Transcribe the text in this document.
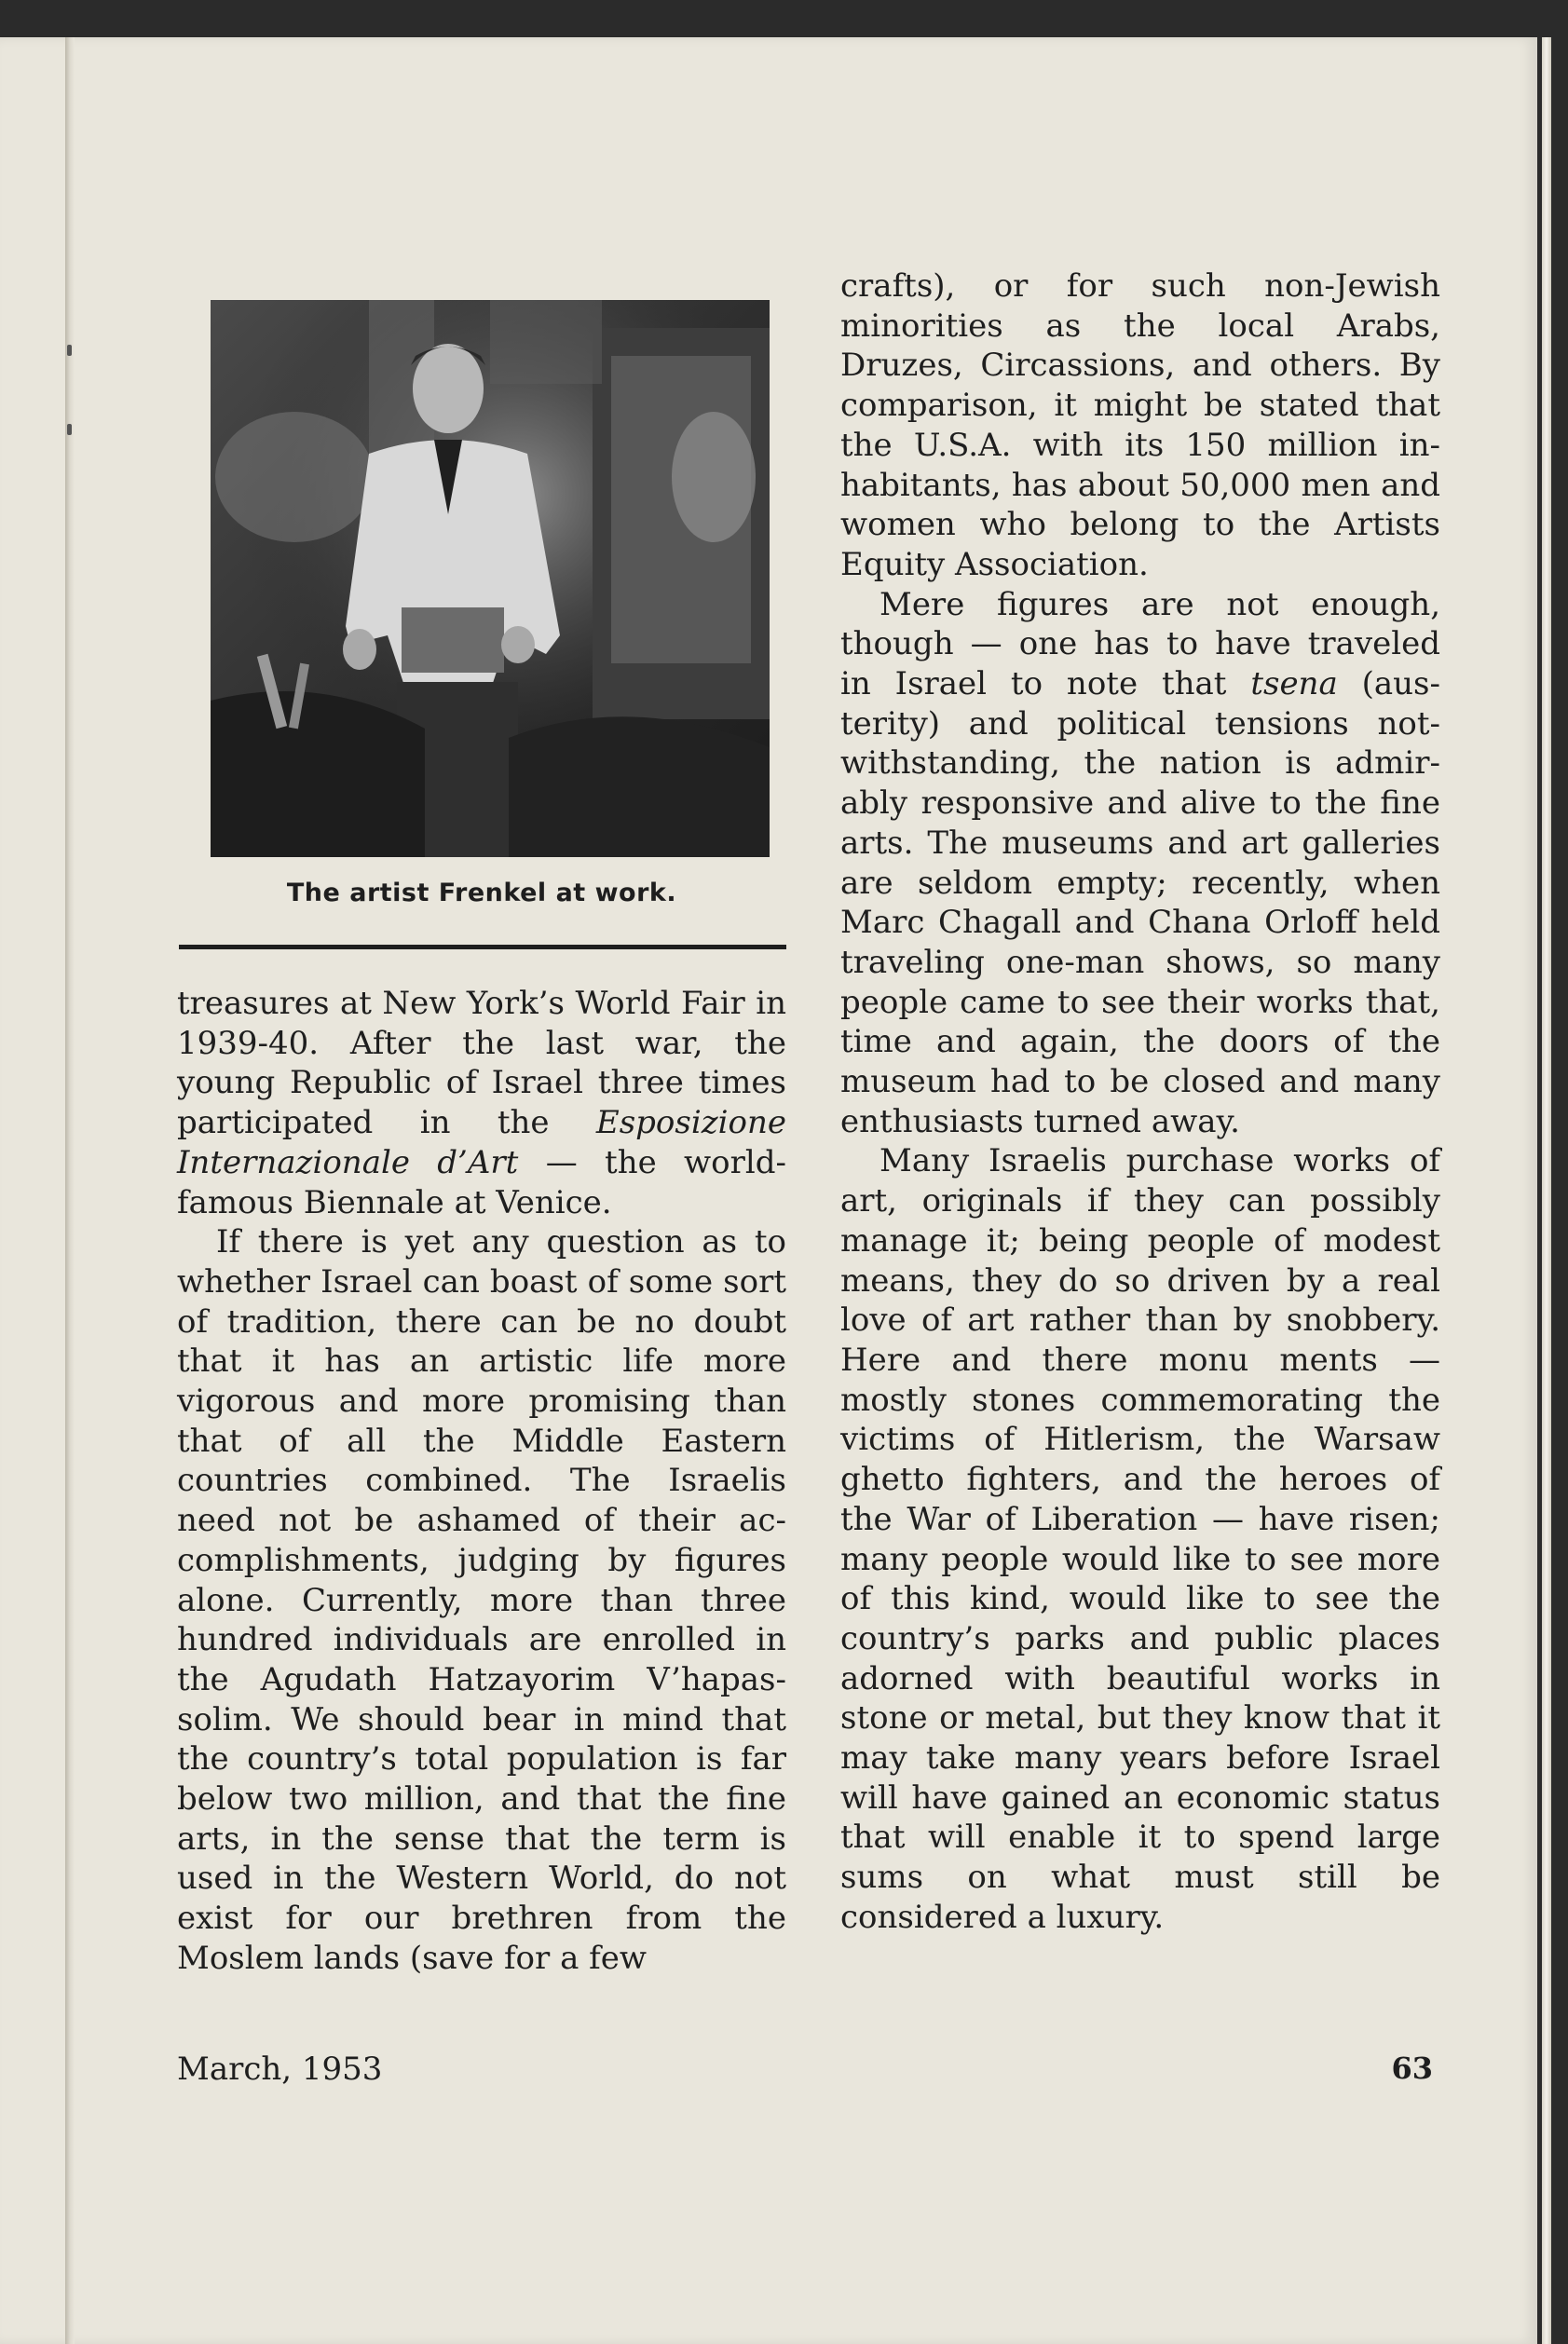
The artist Frenkel at work.

treasures at New York’s World Fair in 1939-40. After the last war, the young Republic of Israel three times participated in the Esposizione Internazionale d’Art — the world-famous Biennale at Venice.

If there is yet any question as to whether Israel can boast of some sort of tradition, there can be no doubt that it has an artistic life more vigorous and more promising than that of all the Middle Eastern countries combined. The Israelis need not be ashamed of their accomplishments, judging by figures alone. Currently, more than three hundred individuals are enrolled in the Agudath Hatzayorim V’hapassolim. We should bear in mind that the country’s total population is far below two million, and that the fine arts, in the sense that the term is used in the Western World, do not exist for our brethren from the Moslem lands (save for a few

crafts), or for such non-Jewish minorities as the local Arabs, Druzes, Circassions, and others. By comparison, it might be stated that the U.S.A. with its 150 million inhabitants, has about 50,000 men and women who belong to the Artists Equity Association.

Mere figures are not enough, though — one has to have traveled in Israel to note that tsena (austerity) and political tensions notwithstanding, the nation is admirably responsive and alive to the fine arts. The museums and art galleries are seldom empty; recently, when Marc Chagall and Chana Orloff held traveling one-man shows, so many people came to see their works that, time and again, the doors of the museum had to be closed and many enthusiasts turned away.

Many Israelis purchase works of art, originals if they can possibly manage it; being people of modest means, they do so driven by a real love of art rather than by snobbery. Here and there monu ments — mostly stones commemorating the victims of Hitlerism, the Warsaw ghetto fighters, and the heroes of the War of Liberation — have risen; many people would like to see more of this kind, would like to see the country’s parks and public places adorned with beautiful works in stone or metal, but they know that it may take many years before Israel will have gained an economic status that will enable it to spend large sums on what must still be considered a luxury.

March, 1953	63
